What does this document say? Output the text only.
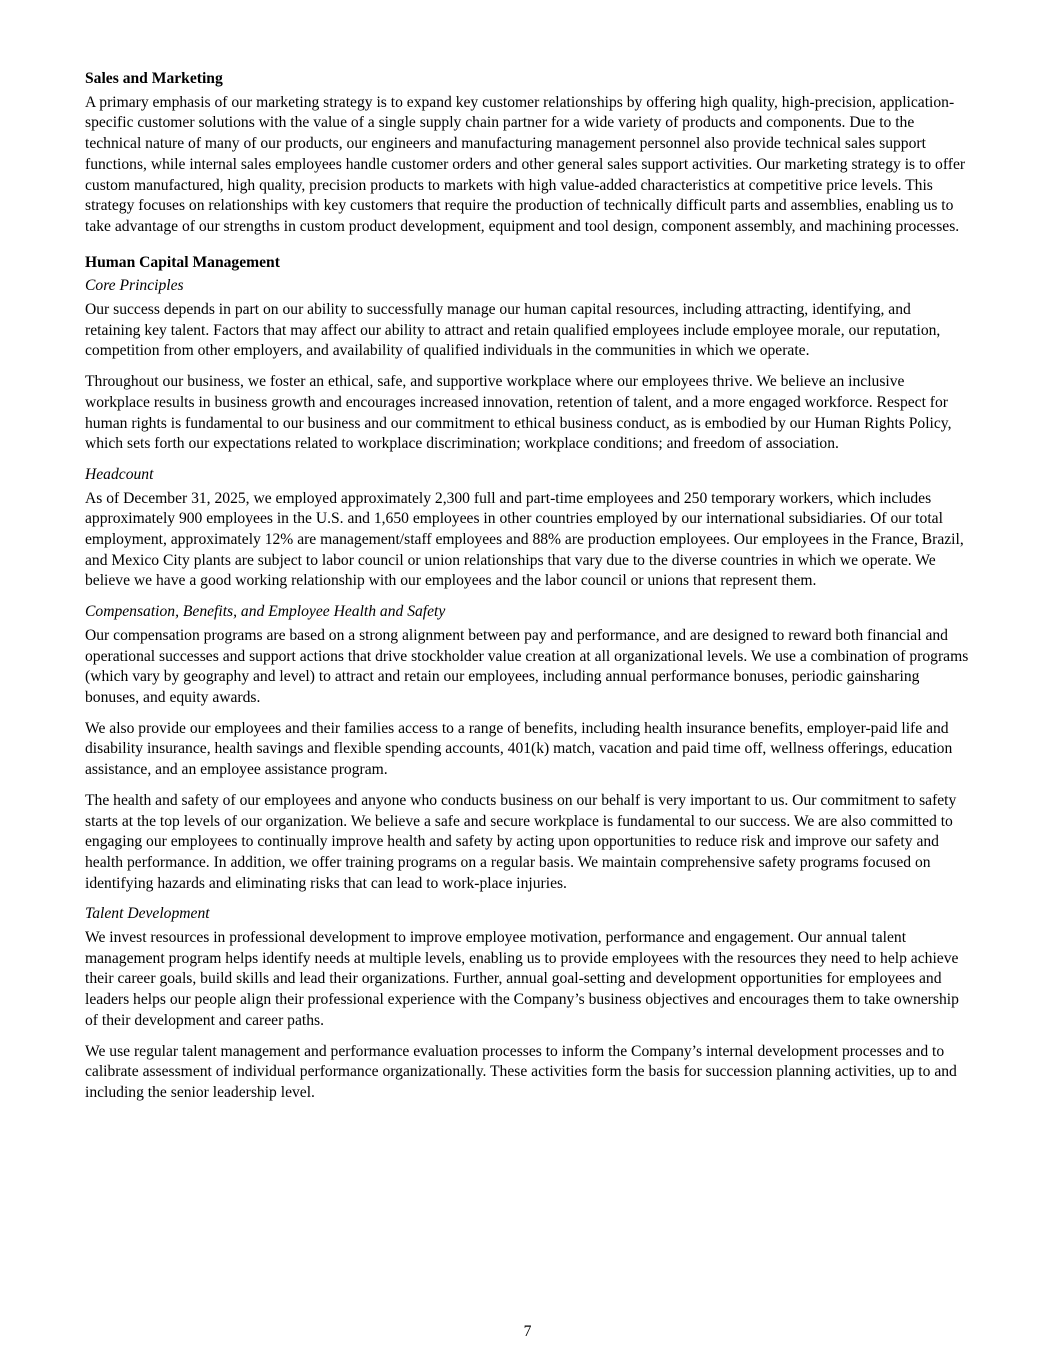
Sales and Marketing

A primary emphasis of our marketing strategy is to expand key customer relationships by offering high quality, high-precision, application-specific customer solutions with the value of a single supply chain partner for a wide variety of products and components. Due to the technical nature of many of our products, our engineers and manufacturing management personnel also provide technical sales support functions, while internal sales employees handle customer orders and other general sales support activities. Our marketing strategy is to offer custom manufactured, high quality, precision products to markets with high value-added characteristics at competitive price levels. This strategy focuses on relationships with key customers that require the production of technically difficult parts and assemblies, enabling us to take advantage of our strengths in custom product development, equipment and tool design, component assembly, and machining processes.

Human Capital Management
Core Principles

Our success depends in part on our ability to successfully manage our human capital resources, including attracting, identifying, and retaining key talent. Factors that may affect our ability to attract and retain qualified employees include employee morale, our reputation, competition from other employers, and availability of qualified individuals in the communities in which we operate.

Throughout our business, we foster an ethical, safe, and supportive workplace where our employees thrive. We believe an inclusive workplace results in business growth and encourages increased innovation, retention of talent, and a more engaged workforce. Respect for human rights is fundamental to our business and our commitment to ethical business conduct, as is embodied by our Human Rights Policy, which sets forth our expectations related to workplace discrimination; workplace conditions; and freedom of association.

Headcount

As of December 31, 2025, we employed approximately 2,300 full and part-time employees and 250 temporary workers, which includes approximately 900 employees in the U.S. and 1,650 employees in other countries employed by our international subsidiaries. Of our total employment, approximately 12% are management/staff employees and 88% are production employees. Our employees in the France, Brazil, and Mexico City plants are subject to labor council or union relationships that vary due to the diverse countries in which we operate. We believe we have a good working relationship with our employees and the labor council or unions that represent them.

Compensation, Benefits, and Employee Health and Safety

Our compensation programs are based on a strong alignment between pay and performance, and are designed to reward both financial and operational successes and support actions that drive stockholder value creation at all organizational levels. We use a combination of programs (which vary by geography and level) to attract and retain our employees, including annual performance bonuses, periodic gainsharing bonuses, and equity awards.

We also provide our employees and their families access to a range of benefits, including health insurance benefits, employer-paid life and disability insurance, health savings and flexible spending accounts, 401(k) match, vacation and paid time off, wellness offerings, education assistance, and an employee assistance program.

The health and safety of our employees and anyone who conducts business on our behalf is very important to us. Our commitment to safety starts at the top levels of our organization. We believe a safe and secure workplace is fundamental to our success. We are also committed to engaging our employees to continually improve health and safety by acting upon opportunities to reduce risk and improve our safety and health performance. In addition, we offer training programs on a regular basis. We maintain comprehensive safety programs focused on identifying hazards and eliminating risks that can lead to work-place injuries.

Talent Development

We invest resources in professional development to improve employee motivation, performance and engagement. Our annual talent management program helps identify needs at multiple levels, enabling us to provide employees with the resources they need to help achieve their career goals, build skills and lead their organizations. Further, annual goal-setting and development opportunities for employees and leaders helps our people align their professional experience with the Company’s business objectives and encourages them to take ownership of their development and career paths.

We use regular talent management and performance evaluation processes to inform the Company’s internal development processes and to calibrate assessment of individual performance organizationally. These activities form the basis for succession planning activities, up to and including the senior leadership level.

7
